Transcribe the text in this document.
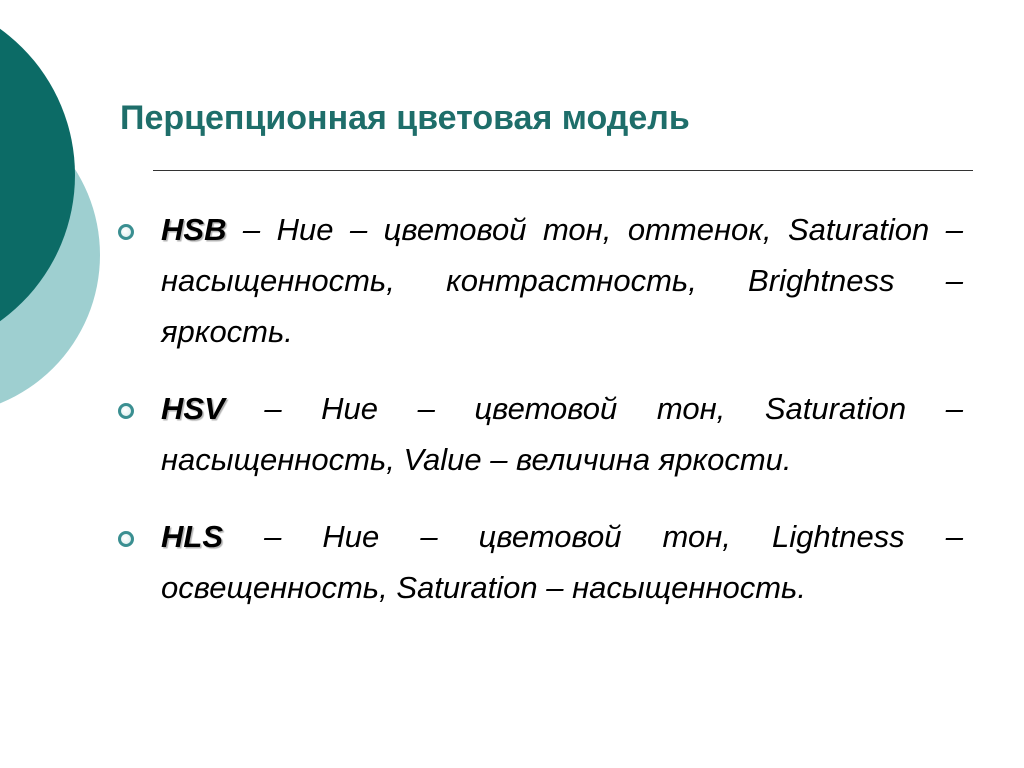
Перцепционная цветовая модель

HSB – Hue – цветовой тон, оттенок, Saturation – насыщенность, контрастность, Brightness – яркость.

HSV – Hue – цветовой тон, Saturation – насыщенность, Value – величина яркости.

HLS – Hue – цветовой тон, Lightness – освещенность, Saturation – насыщенность.
